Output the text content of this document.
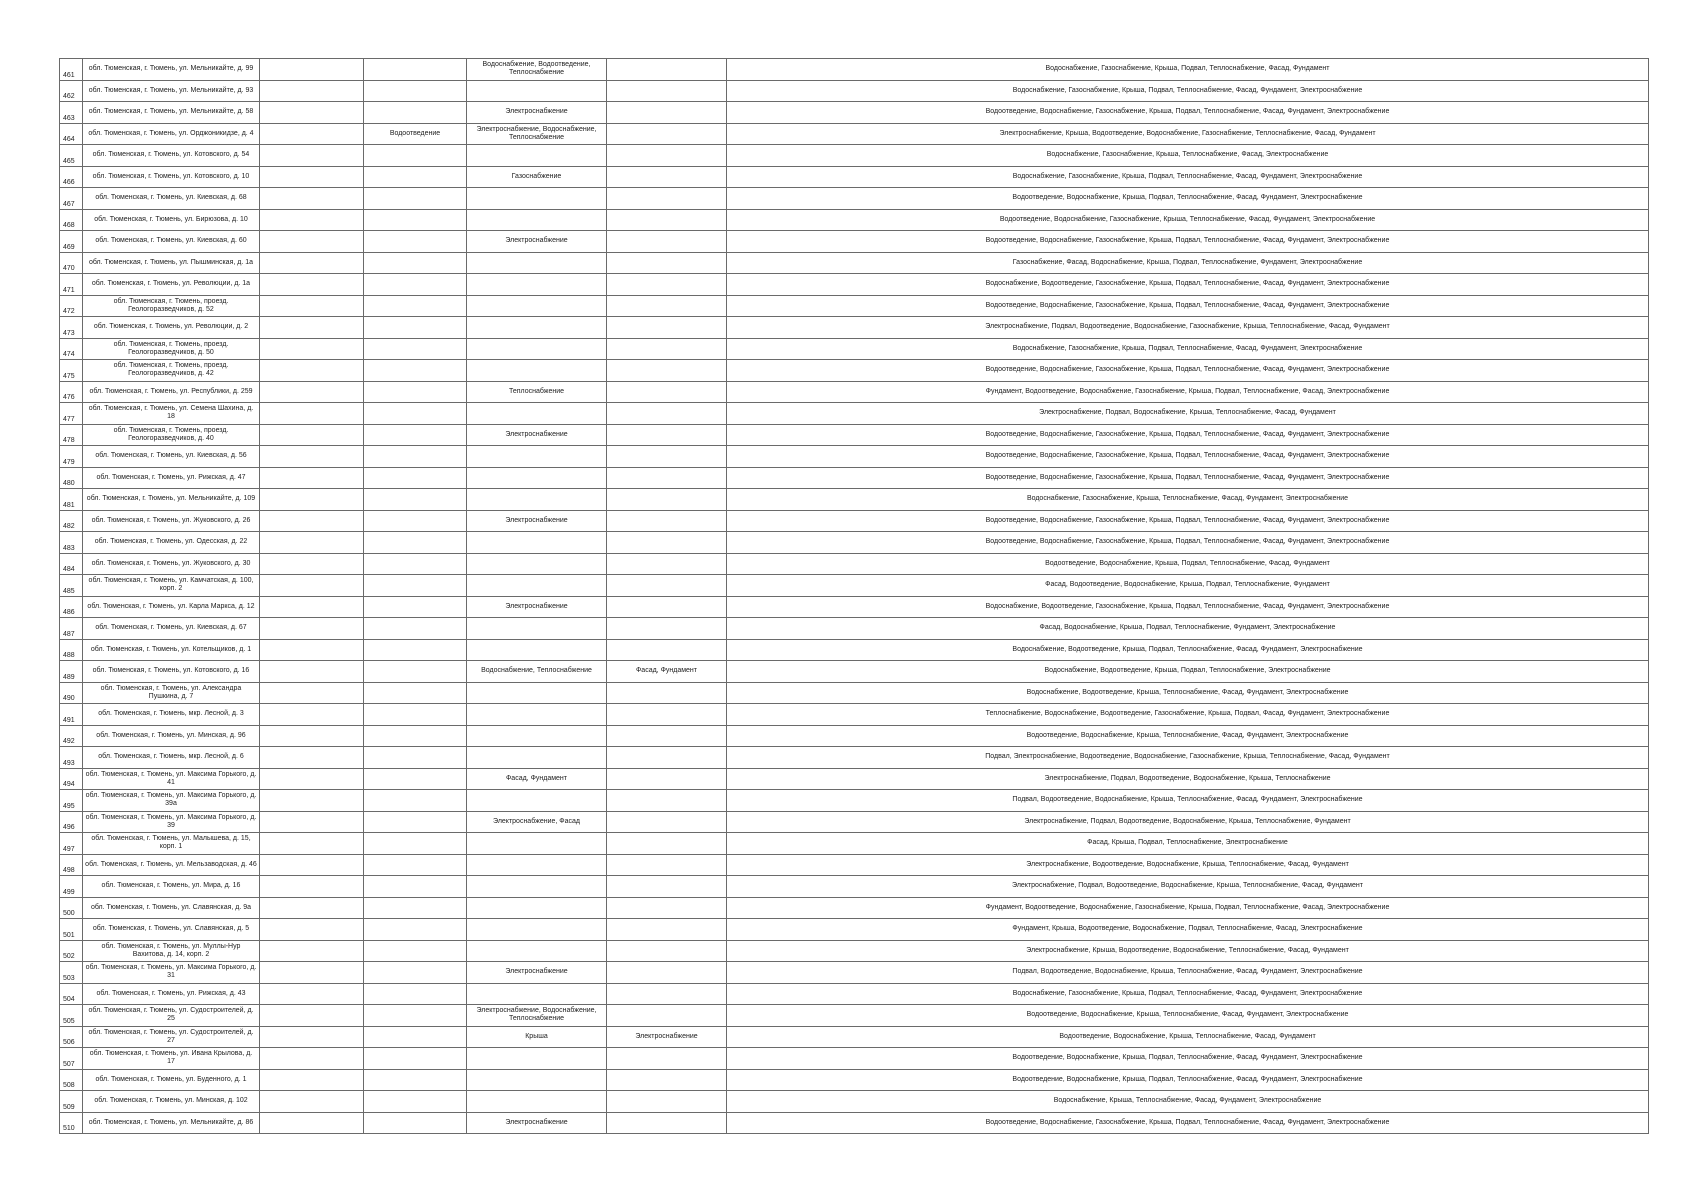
461	обл. Тюменская, г. Тюмень, ул. Мельникайте, д. 99			Водоснабжение, Водоотведение, Теплоснабжение		Водоснабжение, Газоснабжение, Крыша, Подвал, Теплоснабжение, Фасад, Фундамент
462	обл. Тюменская, г. Тюмень, ул. Мельникайте, д. 93					Водоснабжение, Газоснабжение, Крыша, Подвал, Теплоснабжение, Фасад, Фундамент, Электроснабжение
463	обл. Тюменская, г. Тюмень, ул. Мельникайте, д. 58			Электроснабжение		Водоотведение, Водоснабжение, Газоснабжение, Крыша, Подвал, Теплоснабжение, Фасад, Фундамент, Электроснабжение
464	обл. Тюменская, г. Тюмень, ул. Орджоникидзе, д. 4		Водоотведение	Электроснабжение, Водоснабжение, Теплоснабжение		Электроснабжение, Крыша, Водоотведение, Водоснабжение, Газоснабжение, Теплоснабжение, Фасад, Фундамент
465	обл. Тюменская, г. Тюмень, ул. Котовского, д. 54					Водоснабжение, Газоснабжение, Крыша, Теплоснабжение, Фасад, Электроснабжение
466	обл. Тюменская, г. Тюмень, ул. Котовского, д. 10			Газоснабжение		Водоснабжение, Газоснабжение, Крыша, Подвал, Теплоснабжение, Фасад, Фундамент, Электроснабжение
467	обл. Тюменская, г. Тюмень, ул. Киевская, д. 68					Водоотведение, Водоснабжение, Крыша, Подвал, Теплоснабжение, Фасад, Фундамент, Электроснабжение
468	обл. Тюменская, г. Тюмень, ул. Бирюзова, д. 10					Водоотведение, Водоснабжение, Газоснабжение, Крыша, Теплоснабжение, Фасад, Фундамент, Электроснабжение
469	обл. Тюменская, г. Тюмень, ул. Киевская, д. 60			Электроснабжение		Водоотведение, Водоснабжение, Газоснабжение, Крыша, Подвал, Теплоснабжение, Фасад, Фундамент, Электроснабжение
470	обл. Тюменская, г. Тюмень, ул. Пышминская, д. 1а					Газоснабжение, Фасад, Водоснабжение, Крыша, Подвал, Теплоснабжение, Фундамент, Электроснабжение
471	обл. Тюменская, г. Тюмень, ул. Революции, д. 1а					Водоснабжение, Водоотведение, Газоснабжение, Крыша, Подвал, Теплоснабжение, Фасад, Фундамент, Электроснабжение
472	обл. Тюменская, г. Тюмень, проезд. Геологоразведчиков, д. 52					Водоотведение, Водоснабжение, Газоснабжение, Крыша, Подвал, Теплоснабжение, Фасад, Фундамент, Электроснабжение
473	обл. Тюменская, г. Тюмень, ул. Революции, д. 2					Электроснабжение, Подвал, Водоотведение, Водоснабжение, Газоснабжение, Крыша, Теплоснабжение, Фасад, Фундамент
474	обл. Тюменская, г. Тюмень, проезд. Геологоразведчиков, д. 50					Водоснабжение, Газоснабжение, Крыша, Подвал, Теплоснабжение, Фасад, Фундамент, Электроснабжение
475	обл. Тюменская, г. Тюмень, проезд. Геологоразведчиков, д. 42					Водоотведение, Водоснабжение, Газоснабжение, Крыша, Подвал, Теплоснабжение, Фасад, Фундамент, Электроснабжение
476	обл. Тюменская, г. Тюмень, ул. Республики, д. 259			Теплоснабжение		Фундамент, Водоотведение, Водоснабжение, Газоснабжение, Крыша, Подвал, Теплоснабжение, Фасад, Электроснабжение
477	обл. Тюменская, г. Тюмень, ул. Семена Шахина, д. 18					Электроснабжение, Подвал, Водоснабжение, Крыша, Теплоснабжение, Фасад, Фундамент
478	обл. Тюменская, г. Тюмень, проезд. Геологоразведчиков, д. 40			Электроснабжение		Водоотведение, Водоснабжение, Газоснабжение, Крыша, Подвал, Теплоснабжение, Фасад, Фундамент, Электроснабжение
479	обл. Тюменская, г. Тюмень, ул. Киевская, д. 56					Водоотведение, Водоснабжение, Газоснабжение, Крыша, Подвал, Теплоснабжение, Фасад, Фундамент, Электроснабжение
480	обл. Тюменская, г. Тюмень, ул. Рижская, д. 47					Водоотведение, Водоснабжение, Газоснабжение, Крыша, Подвал, Теплоснабжение, Фасад, Фундамент, Электроснабжение
481	обл. Тюменская, г. Тюмень, ул. Мельникайте, д. 109					Водоснабжение, Газоснабжение, Крыша, Теплоснабжение, Фасад, Фундамент, Электроснабжение
482	обл. Тюменская, г. Тюмень, ул. Жуковского, д. 26			Электроснабжение		Водоотведение, Водоснабжение, Газоснабжение, Крыша, Подвал, Теплоснабжение, Фасад, Фундамент, Электроснабжение
483	обл. Тюменская, г. Тюмень, ул. Одесская, д. 22					Водоотведение, Водоснабжение, Газоснабжение, Крыша, Подвал, Теплоснабжение, Фасад, Фундамент, Электроснабжение
484	обл. Тюменская, г. Тюмень, ул. Жуковского, д. 30					Водоотведение, Водоснабжение, Крыша, Подвал, Теплоснабжение, Фасад, Фундамент
485	обл. Тюменская, г. Тюмень, ул. Камчатская, д. 100, корп. 2					Фасад, Водоотведение, Водоснабжение, Крыша, Подвал, Теплоснабжение, Фундамент
486	обл. Тюменская, г. Тюмень, ул. Карла Маркса, д. 12			Электроснабжение		Водоснабжение, Водоотведение, Газоснабжение, Крыша, Подвал, Теплоснабжение, Фасад, Фундамент, Электроснабжение
487	обл. Тюменская, г. Тюмень, ул. Киевская, д. 67					Фасад, Водоснабжение, Крыша, Подвал, Теплоснабжение, Фундамент, Электроснабжение
488	обл. Тюменская, г. Тюмень, ул. Котельщиков, д. 1					Водоснабжение, Водоотведение, Крыша, Подвал, Теплоснабжение, Фасад, Фундамент, Электроснабжение
489	обл. Тюменская, г. Тюмень, ул. Котовского, д. 16			Водоснабжение, Теплоснабжение	Фасад, Фундамент	Водоснабжение, Водоотведение, Крыша, Подвал, Теплоснабжение, Электроснабжение
490	обл. Тюменская, г. Тюмень, ул. Александра Пушкина, д. 7					Водоснабжение, Водоотведение, Крыша, Теплоснабжение, Фасад, Фундамент, Электроснабжение
491	обл. Тюменская, г. Тюмень, мкр. Лесной, д. 3					Теплоснабжение, Водоснабжение, Водоотведение, Газоснабжение, Крыша, Подвал, Фасад, Фундамент, Электроснабжение
492	обл. Тюменская, г. Тюмень, ул. Минская, д. 96					Водоотведение, Водоснабжение, Крыша, Теплоснабжение, Фасад, Фундамент, Электроснабжение
493	обл. Тюменская, г. Тюмень, мкр. Лесной, д. 6					Подвал, Электроснабжение, Водоотведение, Водоснабжение, Газоснабжение, Крыша, Теплоснабжение, Фасад, Фундамент
494	обл. Тюменская, г. Тюмень, ул. Максима Горького, д. 41			Фасад, Фундамент		Электроснабжение, Подвал, Водоотведение, Водоснабжение, Крыша, Теплоснабжение
495	обл. Тюменская, г. Тюмень, ул. Максима Горького, д. 39а					Подвал, Водоотведение, Водоснабжение, Крыша, Теплоснабжение, Фасад, Фундамент, Электроснабжение
496	обл. Тюменская, г. Тюмень, ул. Максима Горького, д. 39			Электроснабжение, Фасад		Электроснабжение, Подвал, Водоотведение, Водоснабжение, Крыша, Теплоснабжение, Фундамент
497	обл. Тюменская, г. Тюмень, ул. Малышева, д. 15, корп. 1					Фасад, Крыша, Подвал, Теплоснабжение, Электроснабжение
498	обл. Тюменская, г. Тюмень, ул. Мельзаводская, д. 46					Электроснабжение, Водоотведение, Водоснабжение, Крыша, Теплоснабжение, Фасад, Фундамент
499	обл. Тюменская, г. Тюмень, ул. Мира, д. 16					Электроснабжение, Подвал, Водоотведение, Водоснабжение, Крыша, Теплоснабжение, Фасад, Фундамент
500	обл. Тюменская, г. Тюмень, ул. Славянская, д. 9а					Фундамент, Водоотведение, Водоснабжение, Газоснабжение, Крыша, Подвал, Теплоснабжение, Фасад, Электроснабжение
501	обл. Тюменская, г. Тюмень, ул. Славянская, д. 5					Фундамент, Крыша, Водоотведение, Водоснабжение, Подвал, Теплоснабжение, Фасад, Электроснабжение
502	обл. Тюменская, г. Тюмень, ул. Муллы-Нур Вахитова, д. 14, корп. 2					Электроснабжение, Крыша, Водоотведение, Водоснабжение, Теплоснабжение, Фасад, Фундамент
503	обл. Тюменская, г. Тюмень, ул. Максима Горького, д. 31			Электроснабжение		Подвал, Водоотведение, Водоснабжение, Крыша, Теплоснабжение, Фасад, Фундамент, Электроснабжение
504	обл. Тюменская, г. Тюмень, ул. Рижская, д. 43					Водоснабжение, Газоснабжение, Крыша, Подвал, Теплоснабжение, Фасад, Фундамент, Электроснабжение
505	обл. Тюменская, г. Тюмень, ул. Судостроителей, д. 25			Электроснабжение, Водоснабжение, Теплоснабжение		Водоотведение, Водоснабжение, Крыша, Теплоснабжение, Фасад, Фундамент, Электроснабжение
506	обл. Тюменская, г. Тюмень, ул. Судостроителей, д. 27			Крыша	Электроснабжение	Водоотведение, Водоснабжение, Крыша, Теплоснабжение, Фасад, Фундамент
507	обл. Тюменская, г. Тюмень, ул. Ивана Крылова, д. 17					Водоотведение, Водоснабжение, Крыша, Подвал, Теплоснабжение, Фасад, Фундамент, Электроснабжение
508	обл. Тюменская, г. Тюмень, ул. Буденного, д. 1					Водоотведение, Водоснабжение, Крыша, Подвал, Теплоснабжение, Фасад, Фундамент, Электроснабжение
509	обл. Тюменская, г. Тюмень, ул. Минская, д. 102					Водоснабжение, Крыша, Теплоснабжение, Фасад, Фундамент, Электроснабжение
510	обл. Тюменская, г. Тюмень, ул. Мельникайте, д. 86			Электроснабжение		Водоотведение, Водоснабжение, Газоснабжение, Крыша, Подвал, Теплоснабжение, Фасад, Фундамент, Электроснабжение
